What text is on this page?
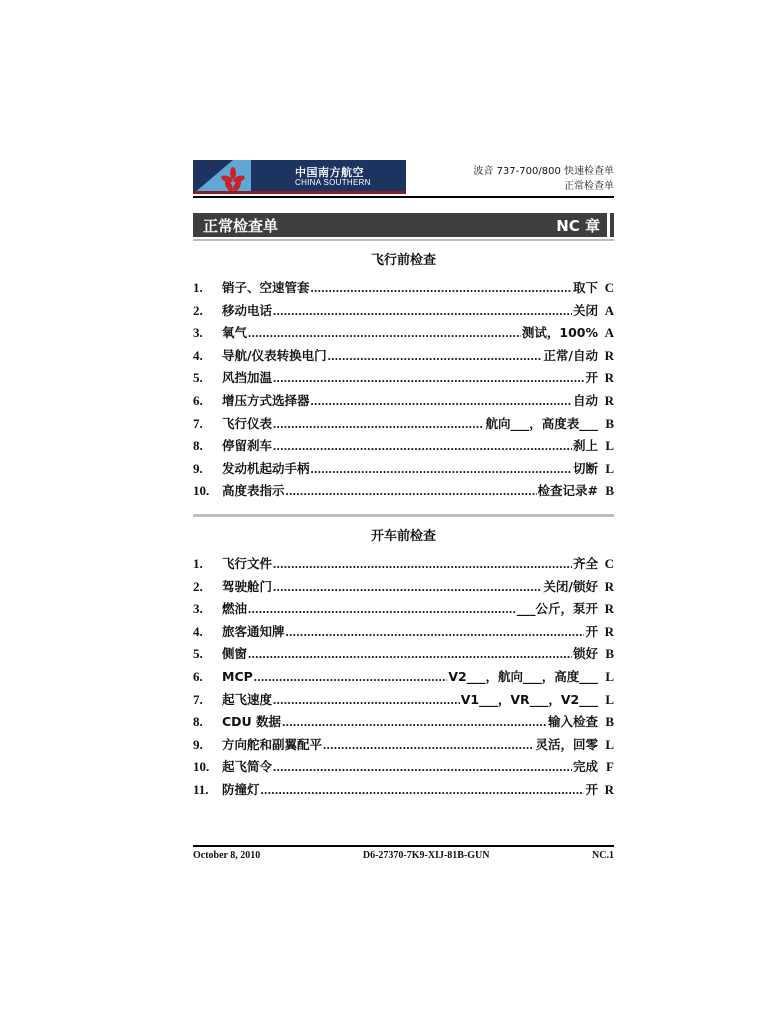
中国南方航空
CHINA SOUTHERN
波音 737-700/800 快速检查单
正常检查单
正常检查单	NC 章
飞行前检查
1.	销子、空速管套 .....	取下 C
2.	移动电话 .....	关闭 A
3.	氧气 .....	测试，100% A
4.	导航/仪表转换电门 .....	正常/自动 R
5.	风挡加温 .....	开 R
6.	增压方式选择器 .....	自动 R
7.	飞行仪表 .....	航向___，高度表___ B
8.	停留刹车 .....	刹上 L
9.	发动机起动手柄 .....	切断 L
10.	高度表指示 .....	检查记录# B
开车前检查
1.	飞行文件 .....	齐全 C
2.	驾驶舱门 .....	关闭/锁好 R
3.	燃油 .....	___公斤，泵开 R
4.	旅客通知牌 .....	开 R
5.	侧窗 .....	锁好 B
6.	MCP .....	V2___，航向___，高度___ L
7.	起飞速度 .....	V1___，VR___，V2___ L
8.	CDU 数据 .....	输入检查 B
9.	方向舵和副翼配平 .....	灵活，回零 L
10.	起飞简令 .....	完成 F
11.	防撞灯 .....	开 R
October 8, 2010	D6-27370-7K9-XIJ-81B-GUN	NC.1
